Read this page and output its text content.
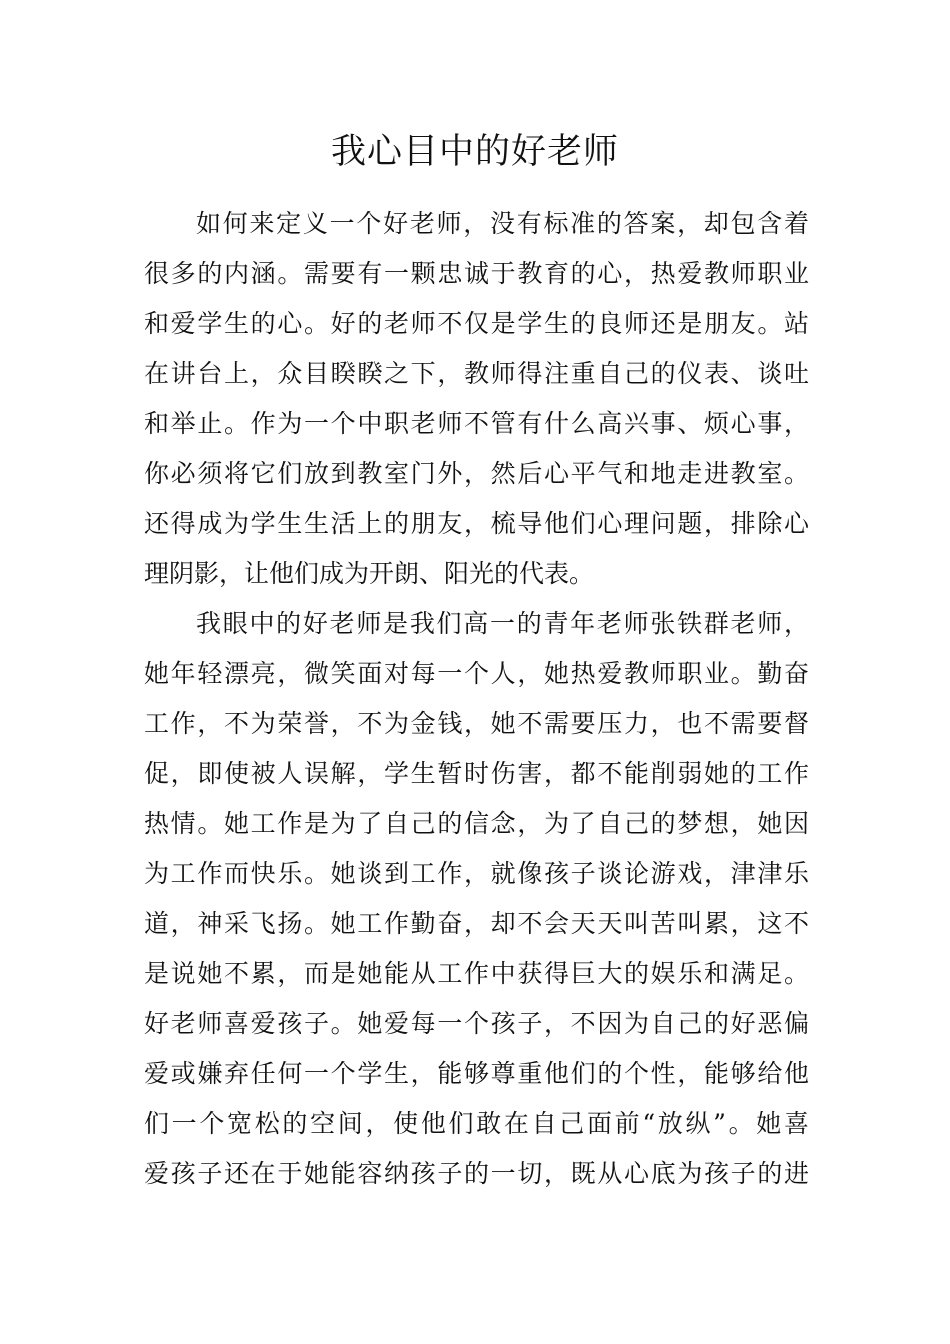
我心目中的好老师
如何来定义一个好老师，没有标准的答案，却包含着
很多的内涵。需要有一颗忠诚于教育的心，热爱教师职业
和爱学生的心。好的老师不仅是学生的良师还是朋友。站
在讲台上，众目睽睽之下，教师得注重自己的仪表、谈吐
和举止。作为一个中职老师不管有什么高兴事、烦心事，
你必须将它们放到教室门外，然后心平气和地走进教室。
还得成为学生生活上的朋友，梳导他们心理问题，排除心
理阴影，让他们成为开朗、阳光的代表。
我眼中的好老师是我们高一的青年老师张铁群老师，
她年轻漂亮，微笑面对每一个人，她热爱教师职业。勤奋
工作，不为荣誉，不为金钱，她不需要压力，也不需要督
促，即使被人误解，学生暂时伤害，都不能削弱她的工作
热情。她工作是为了自己的信念，为了自己的梦想，她因
为工作而快乐。她谈到工作，就像孩子谈论游戏，津津乐
道，神采飞扬。她工作勤奋，却不会天天叫苦叫累，这不
是说她不累，而是她能从工作中获得巨大的娱乐和满足。
好老师喜爱孩子。她爱每一个孩子，不因为自己的好恶偏
爱或嫌弃任何一个学生，能够尊重他们的个性，能够给他
们一个宽松的空间，使他们敢在自己面前“放纵”。她喜
爱孩子还在于她能容纳孩子的一切，既从心底为孩子的进
